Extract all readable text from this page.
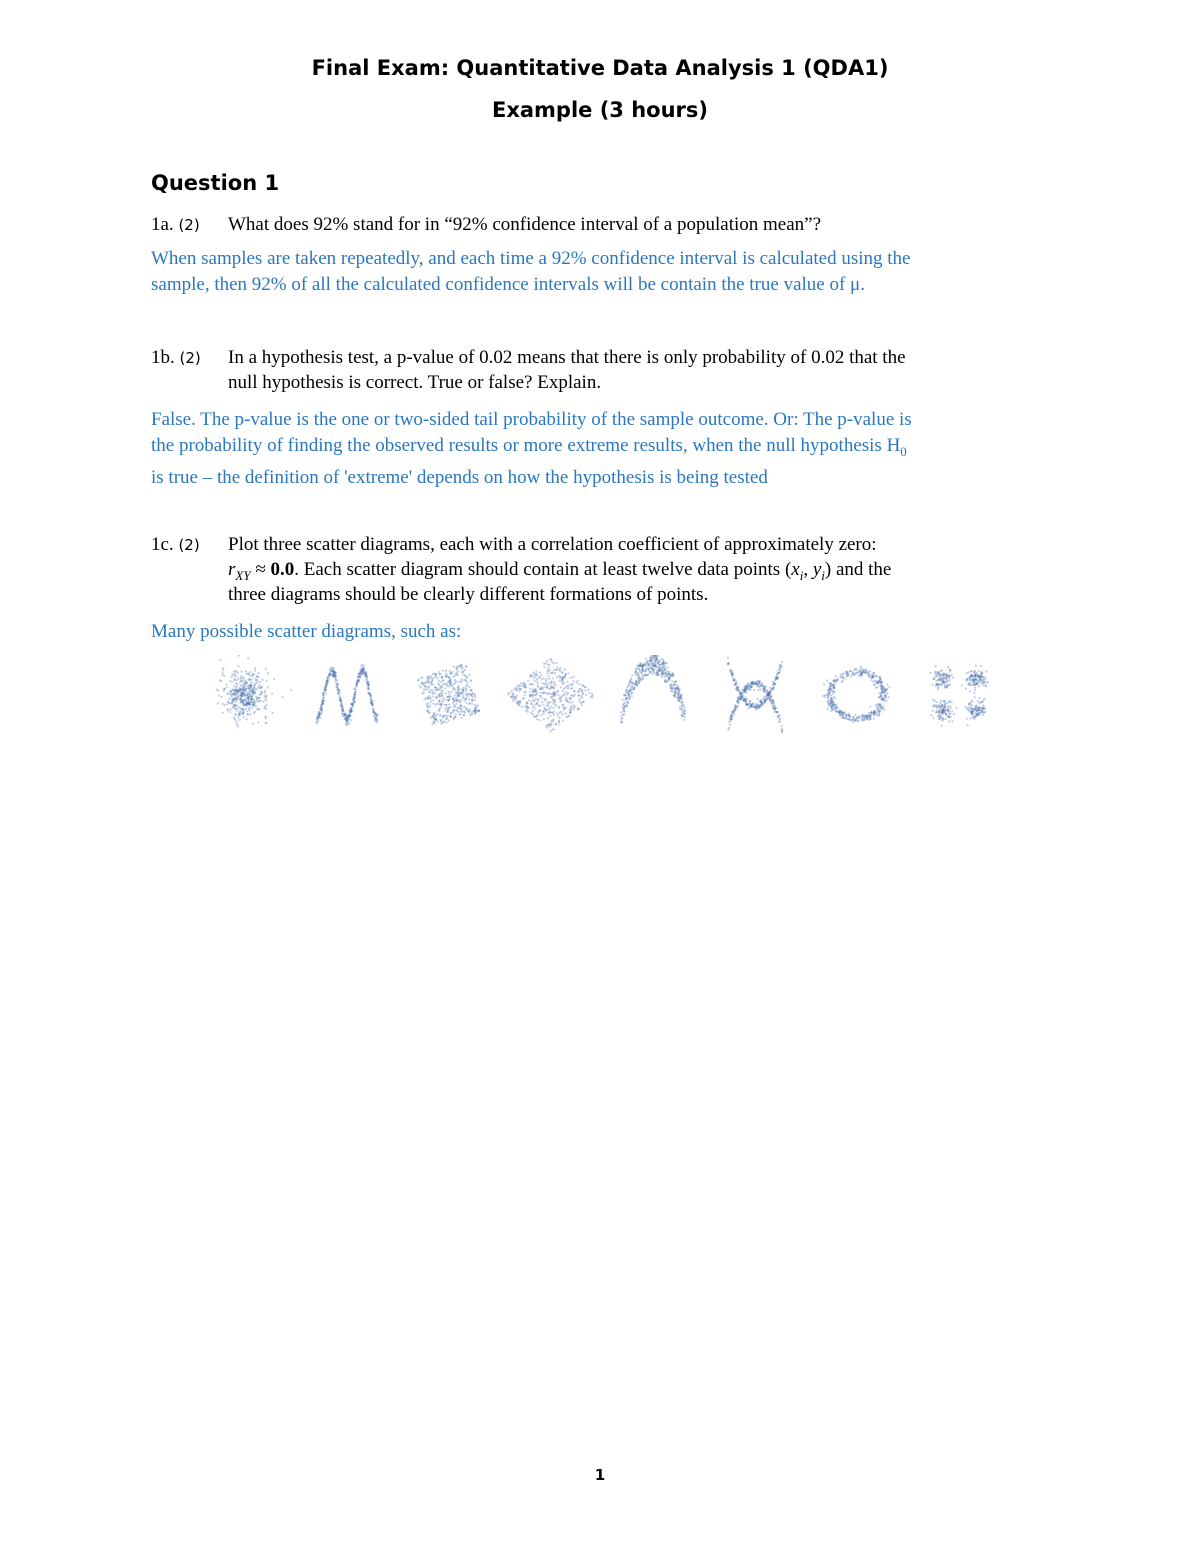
Final Exam: Quantitative Data Analysis 1 (QDA1)
Example (3 hours)
Question 1
1a. (2) What does 92% stand for in “92% confidence interval of a population mean”?
When samples are taken repeatedly, and each time a 92% confidence interval is calculated using the
sample, then 92% of all the calculated confidence intervals will be contain the true value of μ.
1b. (2) In a hypothesis test, a p-value of 0.02 means that there is only probability of 0.02 that the
null hypothesis is correct. True or false? Explain.
False. The p-value is the one or two-sided tail probability of the sample outcome. Or: The p-value is
the probability of finding the observed results or more extreme results, when the null hypothesis $H_0$
is true – the definition of 'extreme' depends on how the hypothesis is being tested
1c. (2) Plot three scatter diagrams, each with a correlation coefficient of approximately zero:
$r_{XY} \approx 0.0$. Each scatter diagram should contain at least twelve data points ($x_i$, $y_i$) and the
three diagrams should be clearly different formations of points.
Many possible scatter diagrams, such as:
1
